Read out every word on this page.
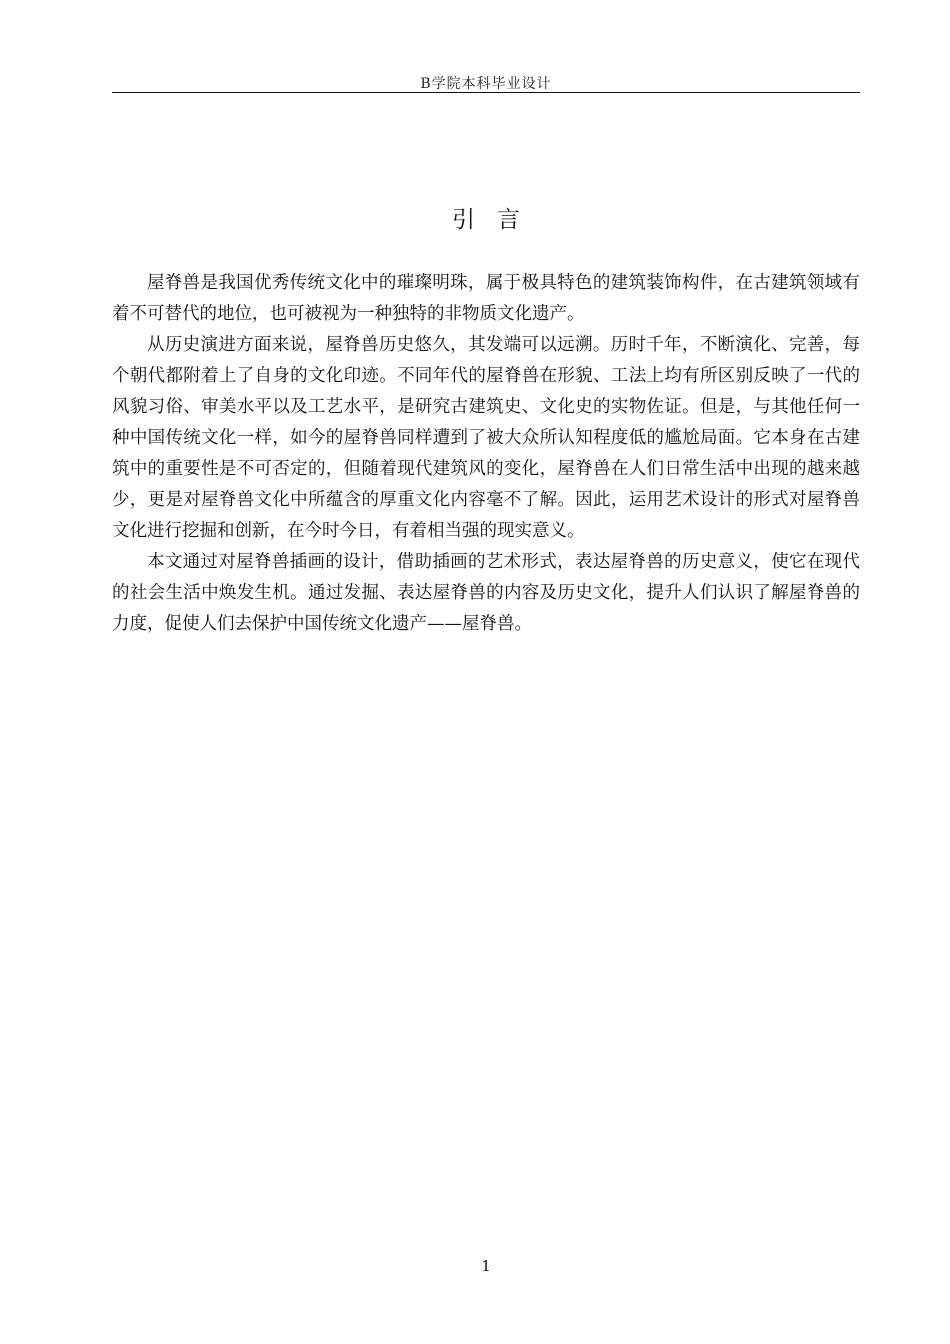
B学院本科毕业设计
引言

屋脊兽是我国优秀传统文化中的璀璨明珠，属于极具特色的建筑装饰构件，在古建筑领域有着不可替代的地位，也可被视为一种独特的非物质文化遗产。

从历史演进方面来说，屋脊兽历史悠久，其发端可以远溯。历时千年，不断演化、完善，每个朝代都附着上了自身的文化印迹。不同年代的屋脊兽在形貌、工法上均有所区别反映了一代的风貌习俗、审美水平以及工艺水平，是研究古建筑史、文化史的实物佐证。但是，与其他任何一种中国传统文化一样，如今的屋脊兽同样遭到了被大众所认知程度低的尴尬局面。它本身在古建筑中的重要性是不可否定的，但随着现代建筑风的变化，屋脊兽在人们日常生活中出现的越来越少，更是对屋脊兽文化中所蕴含的厚重文化内容毫不了解。因此，运用艺术设计的形式对屋脊兽文化进行挖掘和创新，在今时今日，有着相当强的现实意义。

本文通过对屋脊兽插画的设计，借助插画的艺术形式，表达屋脊兽的历史意义，使它在现代的社会生活中焕发生机。通过发掘、表达屋脊兽的内容及历史文化，提升人们认识了解屋脊兽的力度，促使人们去保护中国传统文化遗产——屋脊兽。

1
